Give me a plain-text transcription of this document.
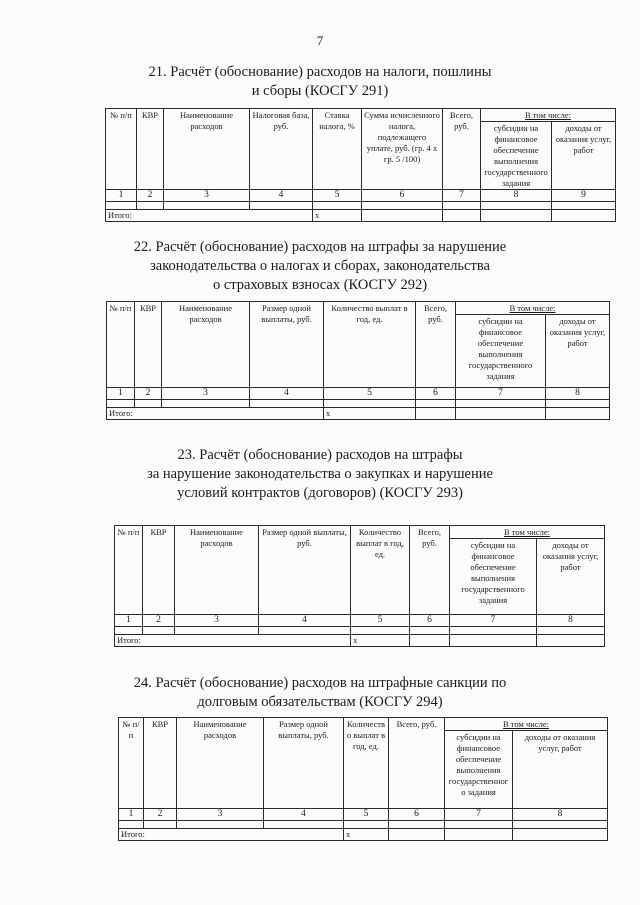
7
21. Расчёт (обоснование) расходов на налоги, пошлины
и сборы (КОСГУ 291)
№ п/п	КВР	Наименование расходов	Налоговая база, руб.	Ставка налога, %	Сумма исчисленного налога, подлежащего уплате, руб. (гр. 4 х гр. 5 /100)	Всего, руб.	В том числе:	
							субсидии на финансовое обеспечение выполнения государственного задания	доходы от оказания услуг, работ
1	2	3	4	5	6	7	8	9

Итого:				х				
22. Расчёт (обоснование) расходов на штрафы за нарушение
законодательства о налогах и сборах, законодательства
о страховых взносах (КОСГУ 292)
№ п/п	КВР	Наименование расходов	Размер одной выплаты, руб.	Количество выплат в год, ед.	Всего, руб.	В том числе:	
						субсидии на финансовое обеспечение выполнения государственного задания	доходы от оказания услуг, работ
1	2	3	4	5	6	7	8

Итого:				х			
23. Расчёт (обоснование) расходов на штрафы
за нарушение законодательства о закупках и нарушение
условий контрактов (договоров) (КОСГУ 293)
№ п/п	КВР	Наименование расходов	Размер одной выплаты, руб.	Количество выплат в год, ед.	Всего, руб.	В том числе:	
						субсидии на финансовое обеспечение выполнения государственного задания	доходы от оказания услуг, работ
1	2	3	4	5	6	7	8

Итого:				х			
24. Расчёт (обоснование) расходов на штрафные санкции по
долговым обязательствам (КОСГУ 294)
№ п/п	КВР	Наименование расходов	Размер одной выплаты, руб.	Количество выплат в год, ед.	Всего, руб.	В том числе:	
						субсидии на финансовое обеспечение выполнения государственного задания	доходы от оказания услуг, работ
1	2	3	4	5	6	7	8

Итого:				х			
